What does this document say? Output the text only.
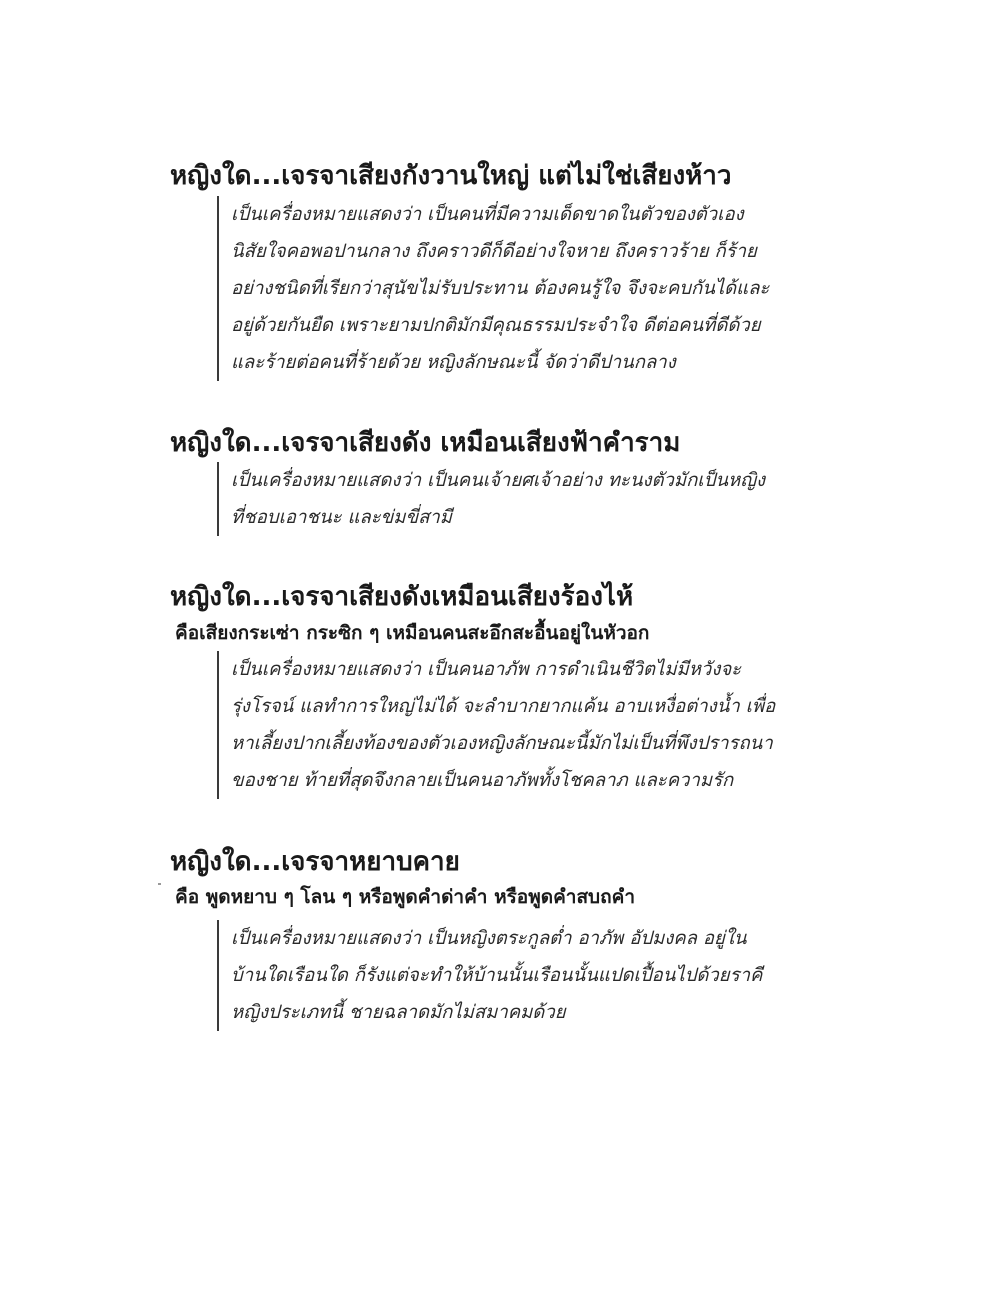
หญิงใด...เจรจาเสียงกังวานใหญ่ แต่ไม่ใช่เสียงห้าว
เป็นเครื่องหมายแสดงว่า เป็นคนที่มีความเด็ดขาดในตัวของตัวเอง
นิสัยใจคอพอปานกลาง ถึงคราวดีก็ดีอย่างใจหาย ถึงคราวร้าย ก็ร้าย
อย่างชนิดที่เรียกว่าสุนัขไม่รับประทาน ต้องคนรู้ใจ จึงจะคบกันได้และ
อยู่ด้วยกันยืด เพราะยามปกติมักมีคุณธรรมประจำใจ ดีต่อคนที่ดีด้วย
และร้ายต่อคนที่ร้ายด้วย หญิงลักษณะนี้ จัดว่าดีปานกลาง
หญิงใด...เจรจาเสียงดัง เหมือนเสียงฟ้าคำราม
เป็นเครื่องหมายแสดงว่า เป็นคนเจ้ายศเจ้าอย่าง ทะนงตัวมักเป็นหญิง
ที่ชอบเอาชนะ และข่มขี่สามี
หญิงใด...เจรจาเสียงดังเหมือนเสียงร้องไห้
คือเสียงกระเซ่า กระซิก ๆ เหมือนคนสะอึกสะอื้นอยู่ในหัวอก
เป็นเครื่องหมายแสดงว่า เป็นคนอาภัพ การดำเนินชีวิตไม่มีหวังจะ
รุ่งโรจน์ แลทำการใหญ่ไม่ได้ จะลำบากยากแค้น อาบเหงื่อต่างน้ำ เพื่อ
หาเลี้ยงปากเลี้ยงท้องของตัวเองหญิงลักษณะนี้มักไม่เป็นที่พึงปรารถนา
ของชาย ท้ายที่สุดจึงกลายเป็นคนอาภัพทั้งโชคลาภ และความรัก
หญิงใด...เจรจาหยาบคาย
คือ พูดหยาบ ๆ โลน ๆ หรือพูดคำด่าคำ หรือพูดคำสบถคำ
เป็นเครื่องหมายแสดงว่า เป็นหญิงตระกูลต่ำ อาภัพ อัปมงคล อยู่ใน
บ้านใดเรือนใด ก็รังแต่จะทำให้บ้านนั้นเรือนนั้นแปดเปื้อนไปด้วยราคี
หญิงประเภทนี้ ชายฉลาดมักไม่สมาคมด้วย
